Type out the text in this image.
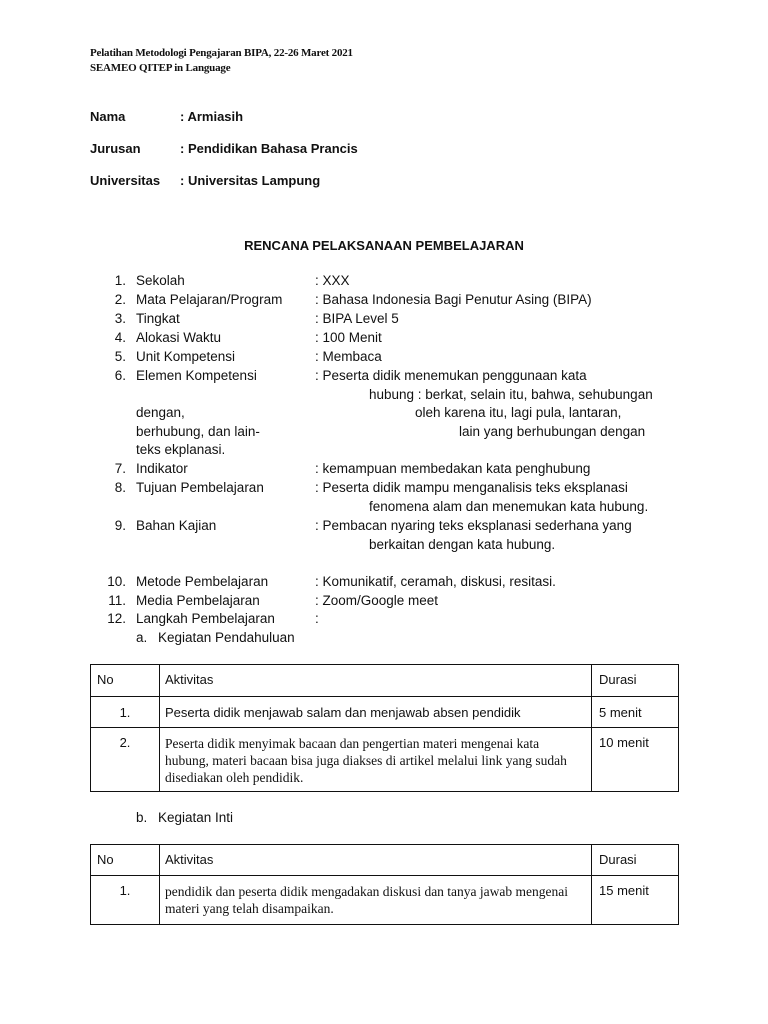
Pelatihan Metodologi Pengajaran BIPA, 22-26 Maret 2021
SEAMEO QITEP in Language
Nama	: Armiasih
Jurusan	: Pendidikan Bahasa Prancis
Universitas : Universitas Lampung
RENCANA PELAKSANAAN PEMBELAJARAN
1. Sekolah	: XXX
2. Mata Pelajaran/Program : Bahasa Indonesia Bagi Penutur Asing (BIPA)
3. Tingkat	: BIPA Level 5
4. Alokasi Waktu	: 100 Menit
5. Unit Kompetensi	: Membaca
6. Elemen Kompetensi	: Peserta didik menemukan penggunaan kata
hubung : berkat, selain itu, bahwa, sehubungan
dengan,	oleh karena itu, lagi pula, lantaran,
berhubung, dan lain-	lain yang berhubungan dengan
teks ekplanasi.
7. Indikator	: kemampuan membedakan kata penghubung
8. Tujuan Pembelajaran	: Peserta didik mampu menganalisis teks eksplanasi
fenomena alam dan menemukan kata hubung.
9. Bahan Kajian	: Pembacan nyaring teks eksplanasi sederhana yang
berkaitan dengan kata hubung.
10. Metode Pembelajaran	: Komunikatif, ceramah, diskusi, resitasi.
11. Media Pembelajaran	: Zoom/Google meet
12. Langkah Pembelajaran	:
a. Kegiatan Pendahuluan
No	Aktivitas	Durasi
1.	Peserta didik menjawab salam dan menjawab absen pendidik	5 menit
2.	Peserta didik menyimak bacaan dan pengertian materi mengenai kata hubung, materi bacaan bisa juga diakses di artikel melalui link yang sudah disediakan oleh pendidik.	10 menit
b. Kegiatan Inti
No	Aktivitas	Durasi
1.	pendidik dan peserta didik mengadakan diskusi dan tanya jawab mengenai materi yang telah disampaikan.	15 menit
